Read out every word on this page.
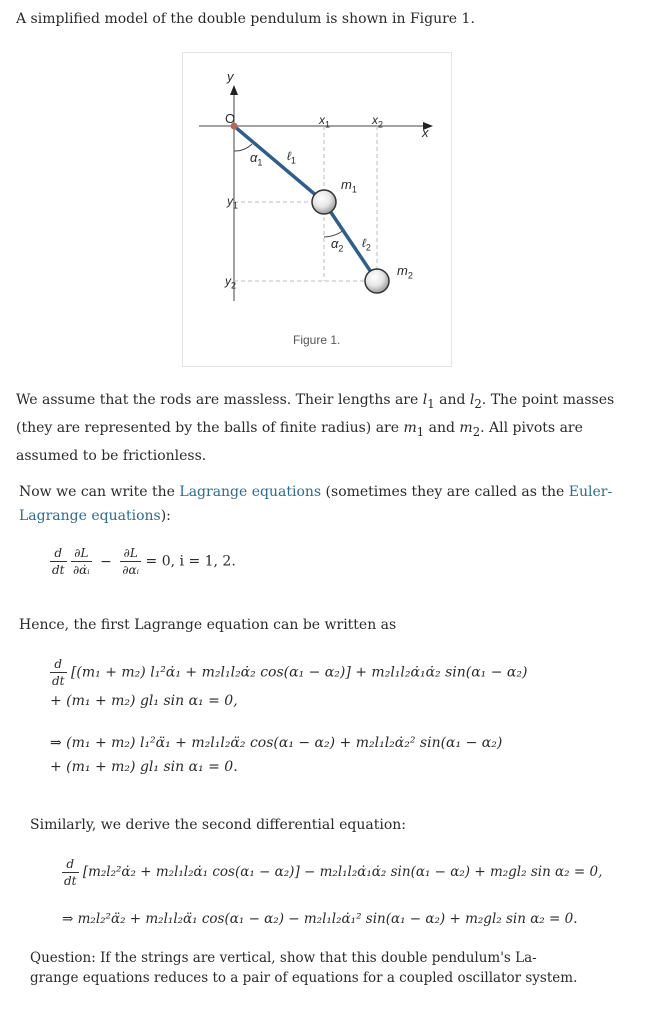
A simplified model of the double pendulum is shown in Figure 1.
y
x
O	$x_1$	$x_2$
$y_1$
$y_2$
$\alpha_1$ ℓ$_1$
$\alpha_2$ ℓ$_2$
$m_1$
$m_2$
Figure 1.
We assume that the rods are massless. Their lengths are $l_1$ and $l_2$. The point masses (they are represented by the balls of finite radius) are $m_1$ and $m_2$. All pivots are assumed to be frictionless.
Now we can write the Lagrange equations (sometimes they are called as the Euler-Lagrange equations):
$\frac{d}{dt}$
$\frac{\partial L}{\text{∂α̇ᵢ}} - \frac{\partial L}{\text{∂αᵢ}} = 0$, i = 1, 2.
Hence, the first Lagrange equation can be written as
$\frac{d}{dt} [(m_1 + m_2)$ l₁²α̇₁ + m₂l₁l₂α̇₂ cos(α₁ − α₂)] + m₂l₁l₂α̇₁α̇₂ sin(α₁ − α₂)
+ (m₁ + m₂) gl₁ sin α₁ = 0,
⇒ (m₁ + m₂) l₁²α̈₁ + m₂l₁l₂α̈₂ cos(α₁ − α₂) + m₂l₁l₂α̇₂² sin(α₁ − α₂)
+ (m₁ + m₂) gl₁ sin α₁ = 0.
Similarly, we derive the second differential equation:
$\frac{d}{dt}$ [m₂l₂²α̇₂ + m₂l₁l₂α̇₁ cos(α₁ − α₂)] − m₂l₁l₂α̇₁α̇₂ sin(α₁ − α₂) + m₂gl₂ sin α₂ = 0,
⇒ m₂l₂²α̈₂ + m₂l₁l₂α̈₁ cos(α₁ − α₂) − m₂l₁l₂α̇₁² sin(α₁ − α₂) + m₂gl₂ sin α₂ = 0.
Question: If the strings are vertical, show that this double pendulum's La-
grange equations reduces to a pair of equations for a coupled oscillator system.
